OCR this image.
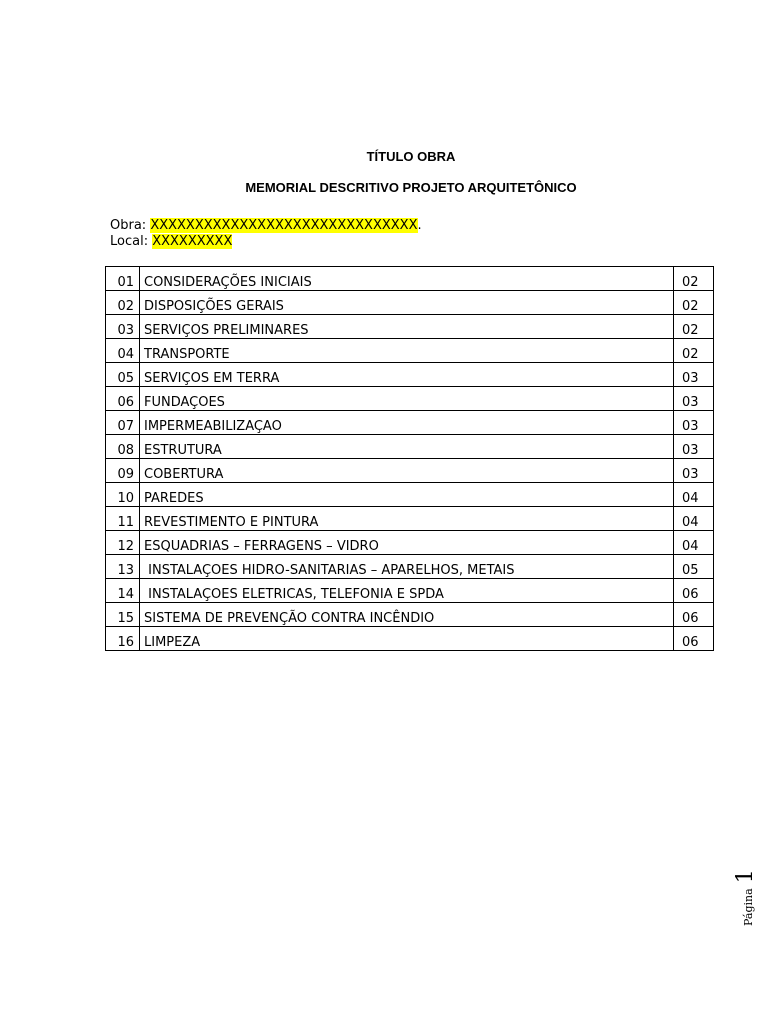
TÍTULO OBRA
MEMORIAL DESCRITIVO PROJETO ARQUITETÔNICO
Obra: XXXXXXXXXXXXXXXXXXXXXXXXXXXXXX.
Local: XXXXXXXXX
01	CONSIDERAÇÕES INICIAIS	02
02	DISPOSIÇÕES GERAIS	02
03	SERVIÇOS PRELIMINARES	02
04	TRANSPORTE	02
05	SERVIÇOS EM TERRA	03
06	FUNDAÇOES	03
07	IMPERMEABILIZAÇAO	03
08	ESTRUTURA	03
09	COBERTURA	03
10	PAREDES	04
11	REVESTIMENTO E PINTURA	04
12	ESQUADRIAS – FERRAGENS – VIDRO	04
13	INSTALAÇOES HIDRO-SANITARIAS – APARELHOS, METAIS	05
14	INSTALAÇOES ELETRICAS, TELEFONIA E SPDA	06
15	SISTEMA DE PREVENÇÃO CONTRA INCÊNDIO	06
16	LIMPEZA	06
Página 1
